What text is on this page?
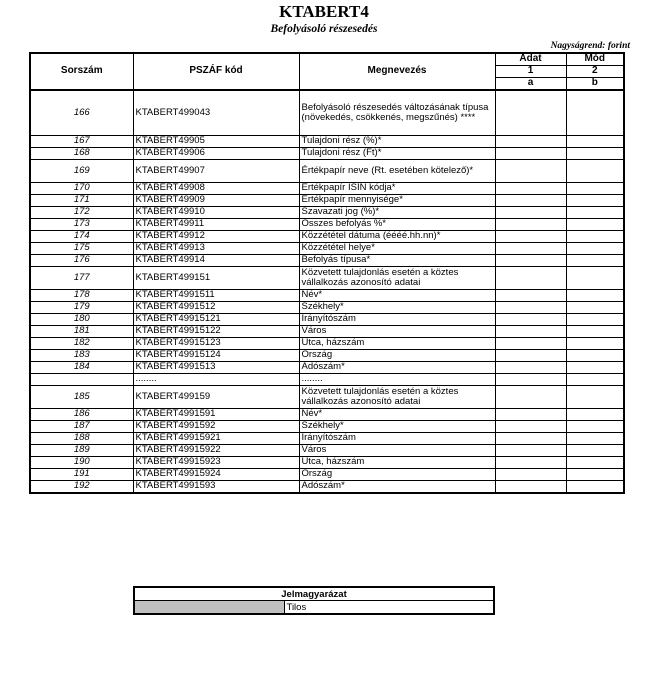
KTABERT4
Befolyásoló részesedés
Nagyságrend: forint
Sorszám	PSZÁF kód	Megnevezés	Adat	Mód
			1	2
			a	b
166	KTABERT499043	Befolyásoló részesedés változásának típusa (növekedés, csökkenés, megszűnés) ****		
167	KTABERT49905	Tulajdoni rész (%)*		
168	KTABERT49906	Tulajdoni rész (Ft)*		
169	KTABERT49907	Értékpapír neve (Rt. esetében kötelező)*		
170	KTABERT49908	Értékpapír ISIN kódja*		
171	KTABERT49909	Értékpapír mennyisége*		
172	KTABERT49910	Szavazati jog (%)*		
173	KTABERT49911	Összes befolyás %*		
174	KTABERT49912	Közzététel dátuma (éééé.hh.nn)*		
175	KTABERT49913	Közzététel helye*		
176	KTABERT49914	Befolyás típusa*		
177	KTABERT499151	Közvetett tulajdonlás esetén a köztes vállalkozás azonosító adatai		
178	KTABERT4991511	Név*		
179	KTABERT4991512	Székhely*		
180	KTABERT49915121	Irányítószám		
181	KTABERT49915122	Város		
182	KTABERT49915123	Utca, házszám		
183	KTABERT49915124	Ország		
184	KTABERT4991513	Adószám*		
	........	........		
185	KTABERT499159	Közvetett tulajdonlás esetén a köztes vállalkozás azonosító adatai		
186	KTABERT4991591	Név*		
187	KTABERT4991592	Székhely*		
188	KTABERT49915921	Irányítószám		
189	KTABERT49915922	Város		
190	KTABERT49915923	Utca, házszám		
191	KTABERT49915924	Ország		
192	KTABERT4991593	Adószám*		
Jelmagyarázat
	Tilos
